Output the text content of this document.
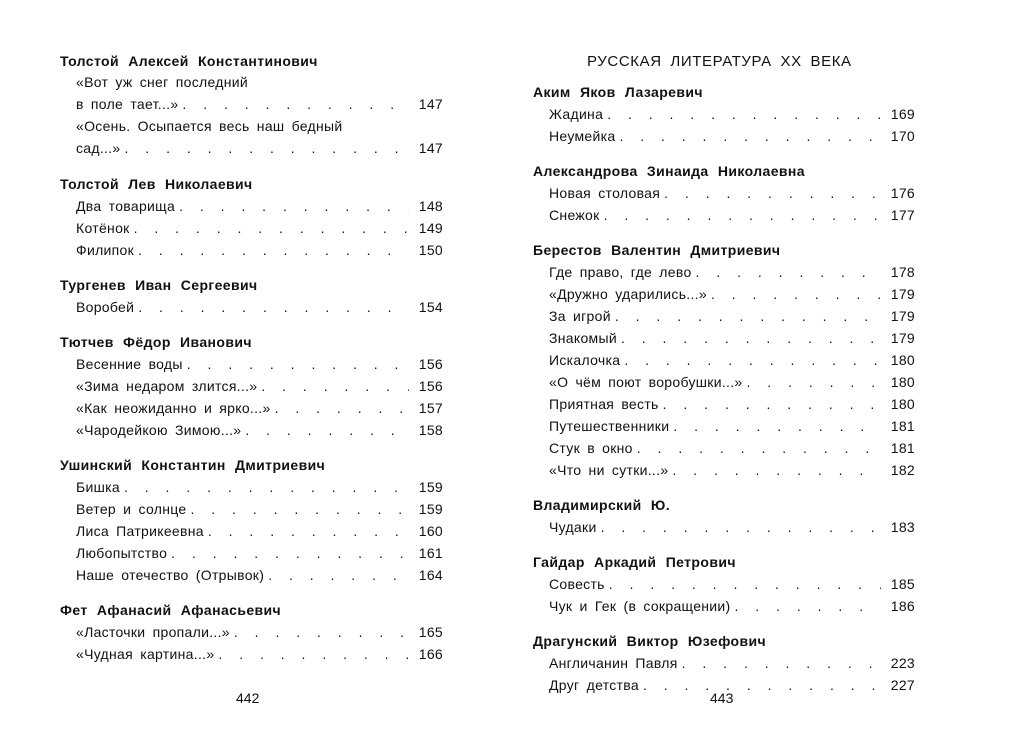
Толстой Алексей Константинович
«Вот уж снег последний
в поле тает...» . . .	147
«Осень. Осыпается весь наш бедный
сад...» . . .	147
Толстой Лев Николаевич
Два товарища . . .	148
Котёнок . . .	149
Филипок . . .	150
Тургенев Иван Сергеевич
Воробей . . .	154
Тютчев Фёдор Иванович
Весенние воды . . .	156
«Зима недаром злится...» . . .	156
«Как неожиданно и ярко...» . . .	157
«Чародейкою Зимою...» . . .	158
Ушинский Константин Дмитриевич
Бишка . . .	159
Ветер и солнце . . .	159
Лиса Патрикеевна . . .	160
Любопытство . . .	161
Наше отечество (Отрывок) . . .	164
Фет Афанасий Афанасьевич
«Ласточки пропали...» . . .	165
«Чудная картина...» . . .	166
442
РУССКАЯ ЛИТЕРАТУРА XX ВЕКА
Аким Яков Лазаревич
Жадина . . .	169
Неумейка . . .	170
Александрова Зинаида Николаевна
Новая столовая . . .	176
Снежок . . .	177
Берестов Валентин Дмитриевич
Где право, где лево . . .	178
«Дружно ударились...» . . .	179
За игрой . . .	179
Знакомый . . .	179
Искалочка . . .	180
«О чём поют воробушки...» . . .	180
Приятная весть . . .	180
Путешественники . . .	181
Стук в окно . . .	181
«Что ни сутки...» . . .	182
Владимирский Ю.
Чудаки . . .	183
Гайдар Аркадий Петрович
Совесть . . .	185
Чук и Гек (в сокращении) . . .	186
Драгунский Виктор Юзефович
Англичанин Павля . . .	223
Друг детства . . .	227
443
